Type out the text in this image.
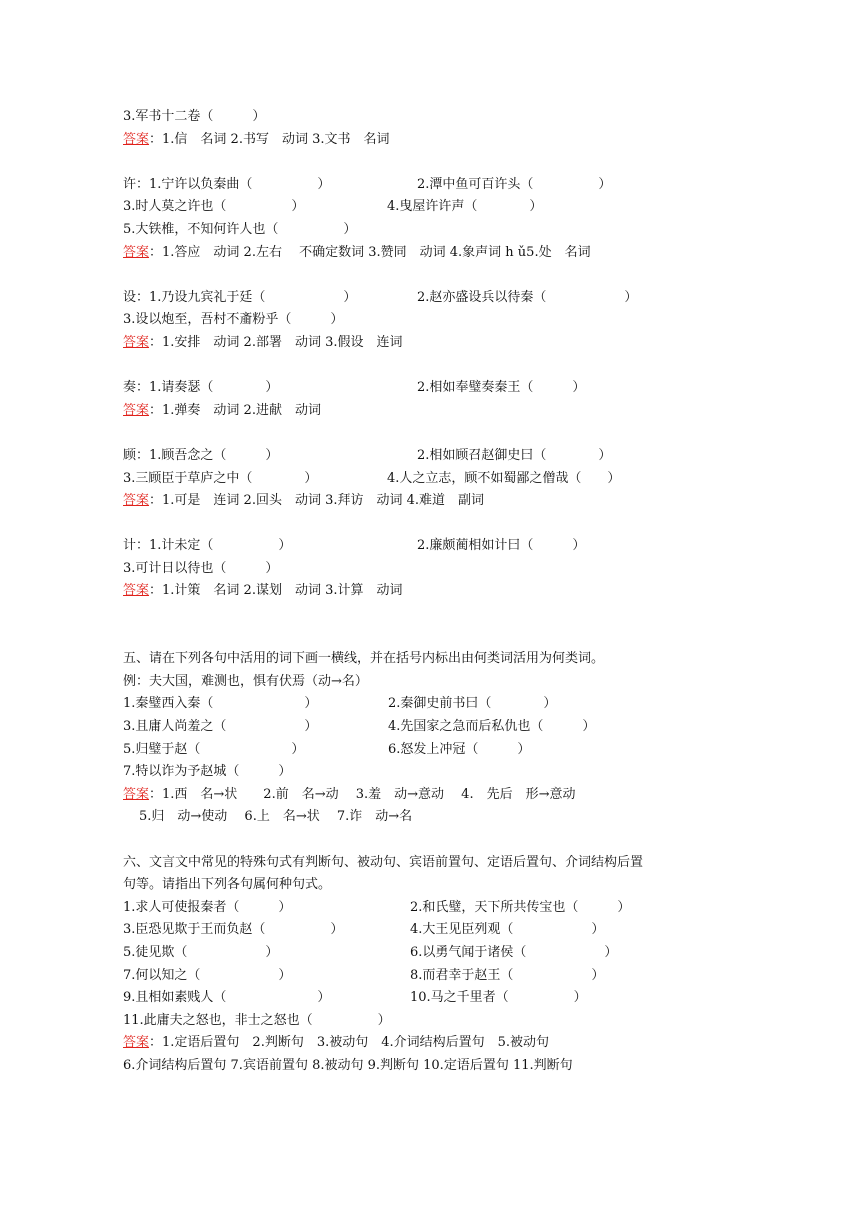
3.军书十二卷（　　　）
答案：1.信　名词 2.书写　动词 3.文书　名词
许：1.宁许以负秦曲（　　　　　）	2.潭中鱼可百许头（　　　　　）
3.时人莫之许也（　　　　　）	4.曳屋许许声（　　　　）
5.大铁椎，不知何许人也（　　　　　）
答案：1.答应　动词 2.左右　 不确定数词 3.赞同　动词 4.象声词 h ǔ5.处　名词
设：1.乃设九宾礼于廷（　　　　　　）	2.赵亦盛设兵以待秦（　　　　　　）
3.设以炮至，吾村不齑粉乎（　　　）
答案：1.安排　动词 2.部署　动词 3.假设　连词
奏：1.请奏瑟（　　　　）	2.相如奉璧奏秦王（　　　）
答案：1.弹奏　动词 2.进献　动词
顾：1.顾吾念之（　　　）	2.相如顾召赵御史曰（　　　　）
3.三顾臣于草庐之中（　　　　）	4.人之立志，顾不如蜀鄙之僧哉（　　）
答案：1.可是　连词 2.回头　动词 3.拜访　动词 4.难道　副词
计：1.计未定（　　　　　）	2.廉颇蔺相如计曰（　　　）
3.可计日以待也（　　　）
答案：1.计策　名词 2.谋划　动词 3.计算　动词
五、请在下列各句中活用的词下画一横线，并在括号内标出由何类词活用为何类词。
例：夫大国，难测也，惧有伏焉（动→名）
1.秦璧西入秦（　　　　　　　）	2.秦御史前书曰（　　　　）
3.且庸人尚羞之（　　　　　　）	4.先国家之急而后私仇也（　　　）
5.归璧于赵（　　　　　　　）	6.怒发上冲冠（　　　）
7.特以诈为予赵城（　　　）
答案：1.西　名→状　　2.前　名→动　 3.羞　动→意动　 4.　先后　形→意动
5.归　动→使动　 6.上　名→状　 7.诈　动→名
六、文言文中常见的特殊句式有判断句、被动句、宾语前置句、定语后置句、介词结构后置
句等。请指出下列各句属何种句式。
1.求人可使报秦者（　　　）	2.和氏璧，天下所共传宝也（　　　）
3.臣恐见欺于王而负赵（　　　　　）	4.大王见臣列观（　　　　　　）
5.徒见欺（　　　　　　）	6.以勇气闻于诸侯（　　　　　　）
7.何以知之（　　　　　　）	8.而君幸于赵王（　　　　　　）
9.且相如素贱人（　　　　　　　）	10.马之千里者（　　　　　）
11.此庸夫之怒也，非士之怒也（　　　　　）
答案：1.定语后置句　2.判断句　3.被动句　4.介词结构后置句　5.被动句
6.介词结构后置句 7.宾语前置句 8.被动句 9.判断句 10.定语后置句 11.判断句
